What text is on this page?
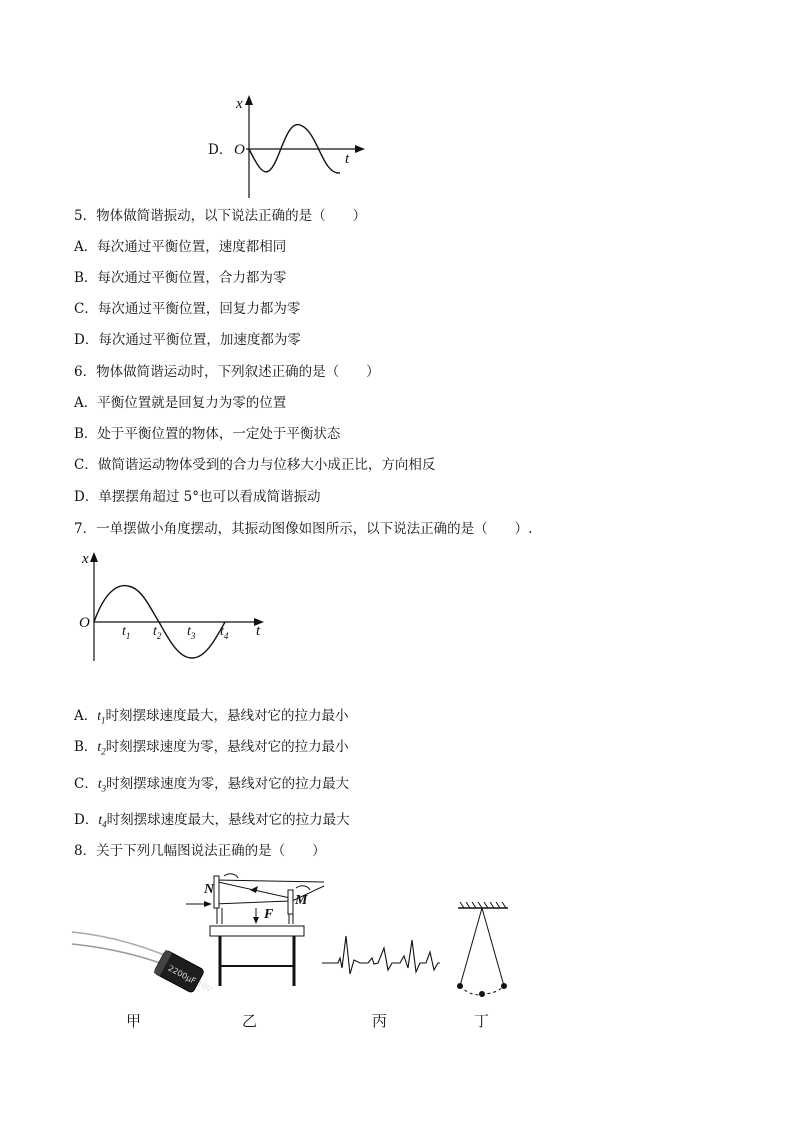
D． O
t
x
5．物体做简谐振动，以下说法正确的是（　　）
A．每次通过平衡位置，速度都相同
B．每次通过平衡位置，合力都为零
C．每次通过平衡位置，回复力都为零
D．每次通过平衡位置，加速度都为零
6．物体做简谐运动时，下列叙述正确的是（　　）
A．平衡位置就是回复力为零的位置
B．处于平衡位置的物体，一定处于平衡状态
C．做简谐运动物体受到的合力与位移大小成正比，方向相反
D．单摆摆角超过 5°也可以看成简谐振动
7．一单摆做小角度摆动，其振动图像如图所示，以下说法正确的是（　　）.
x
O	t
$t_1$ $t_2$ $t_3$ $t_4$
A．$t_1$时刻摆球速度最大，悬线对它的拉力最小
B．$t_2$时刻摆球速度为零，悬线对它的拉力最小
C．$t_3$时刻摆球速度为零，悬线对它的拉力最大
D．$t_4$时刻摆球速度最大，悬线对它的拉力最大
8．关于下列几幅图说法正确的是（　　）
2200μF 10V
N
M
F
甲	乙	丙	丁
